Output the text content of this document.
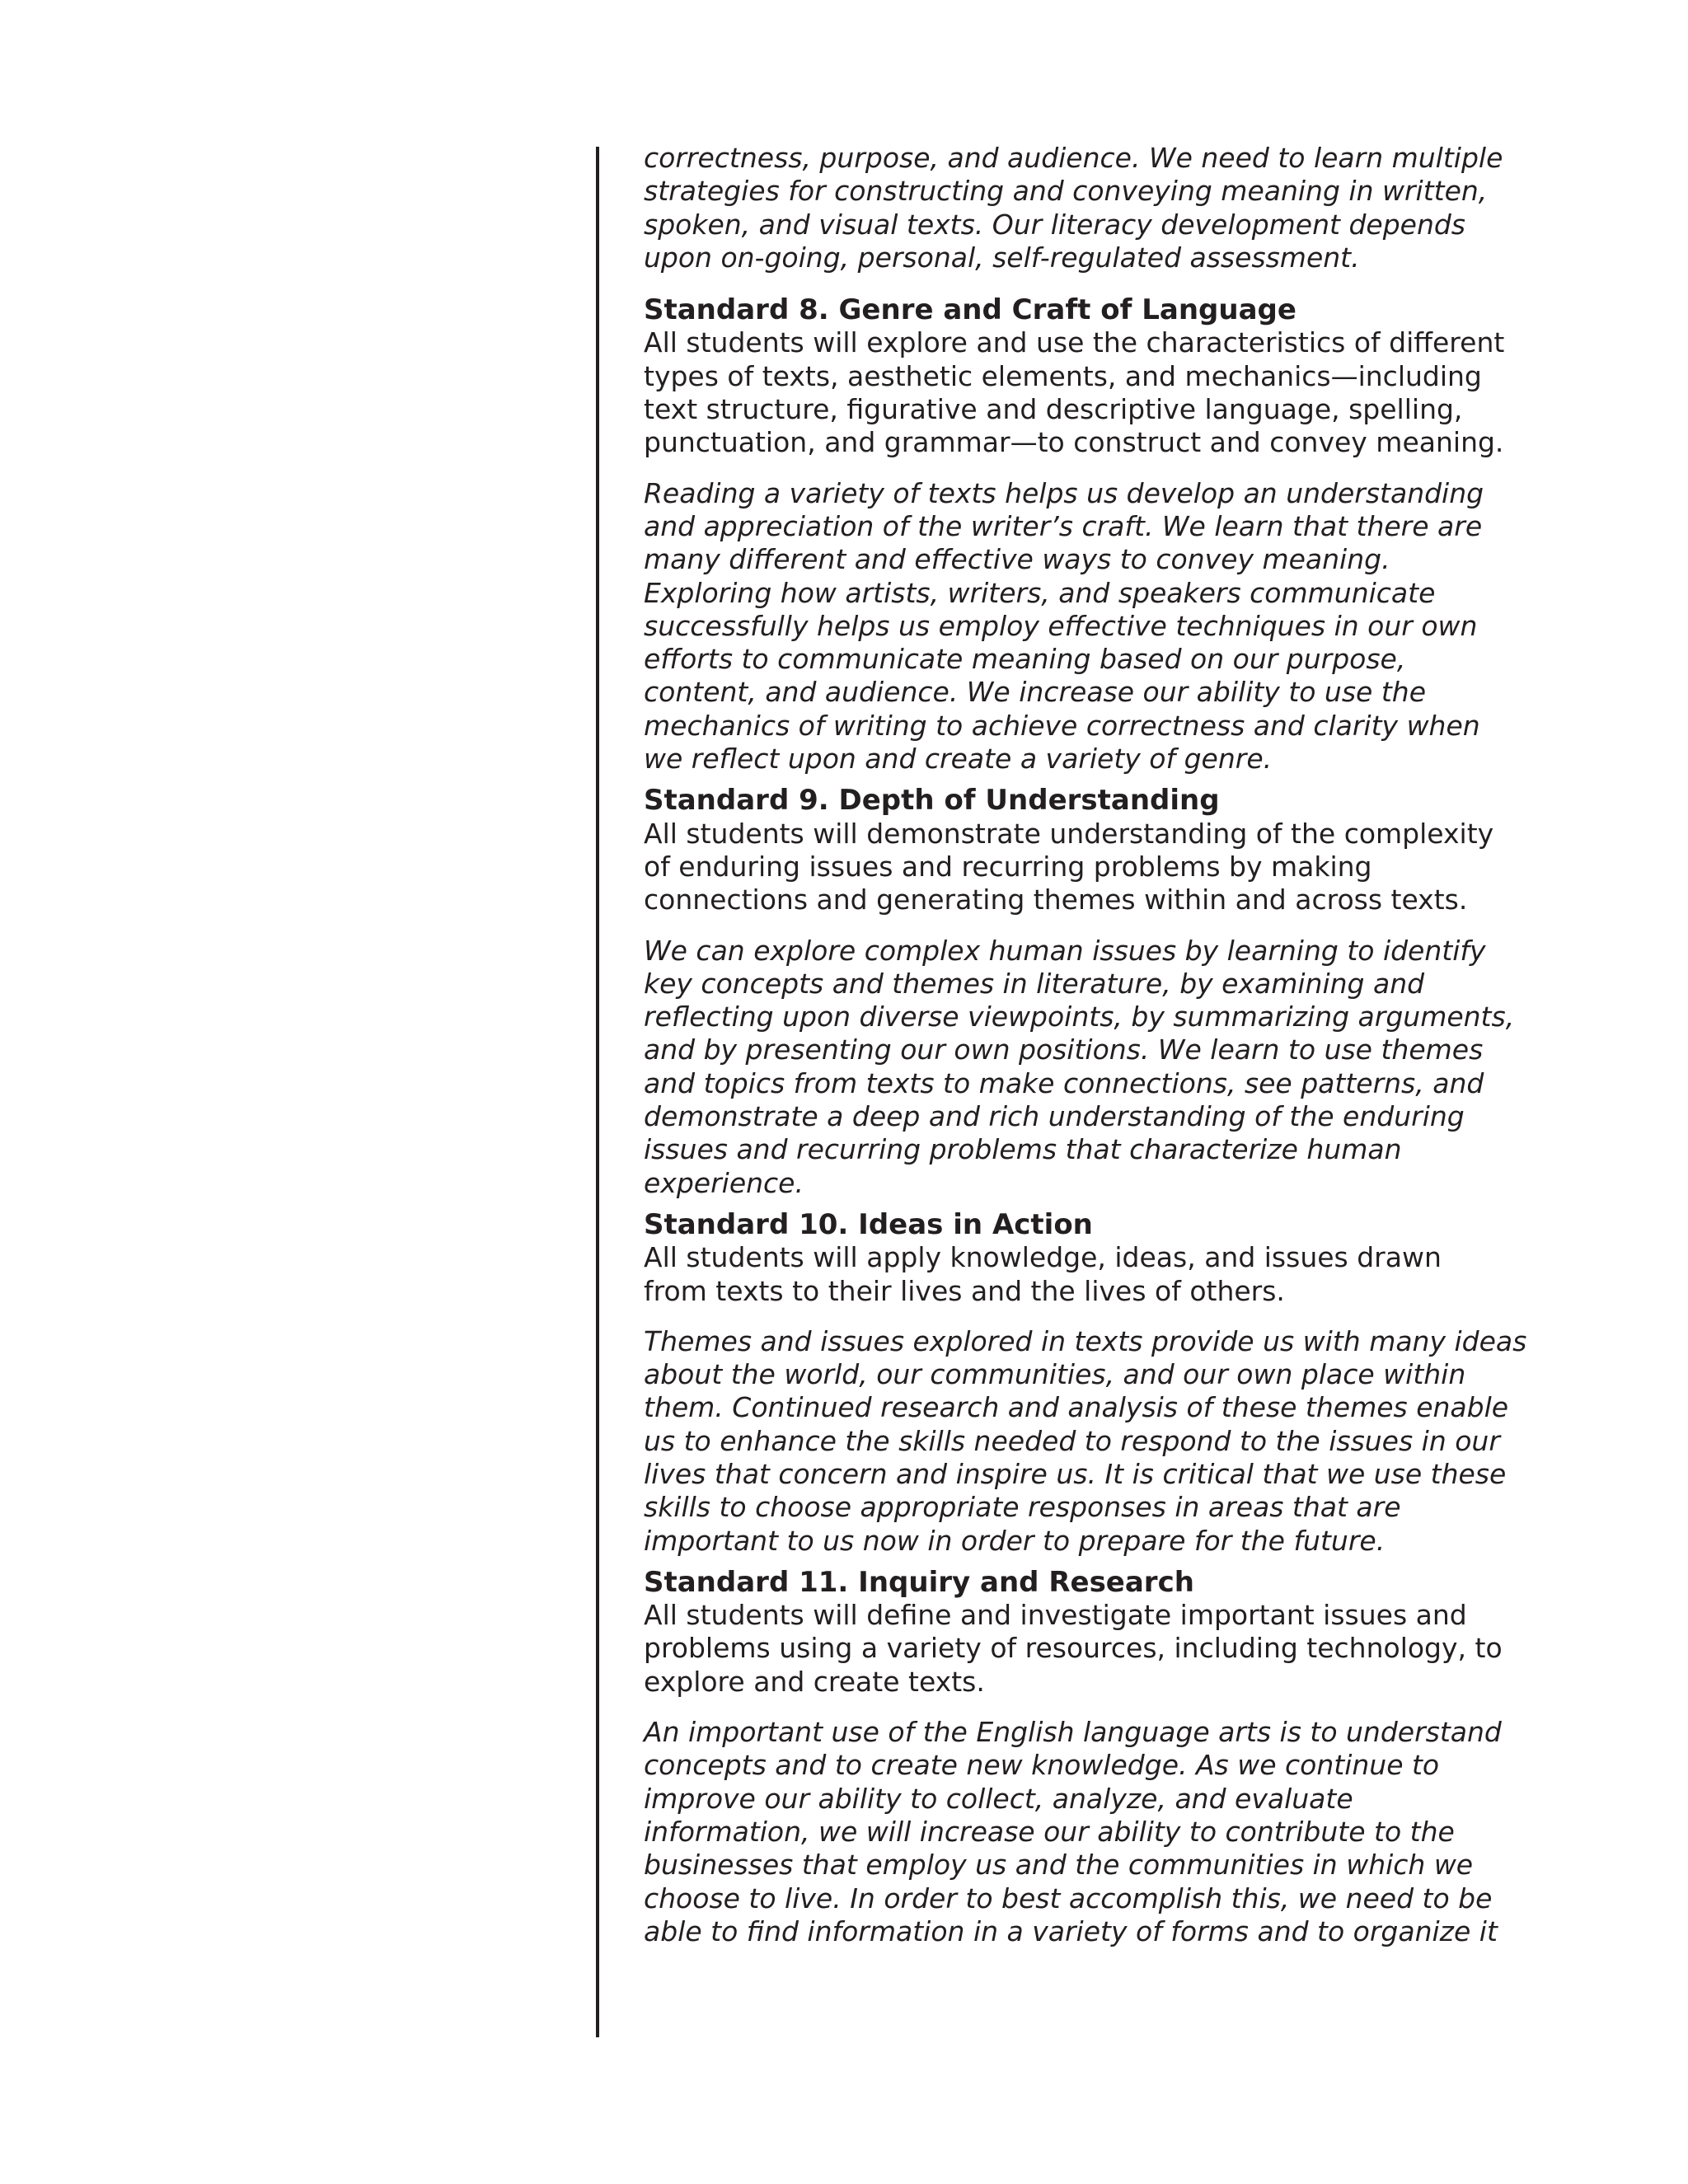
correctness, purpose, and audience. We need to learn multiple
strategies for constructing and conveying meaning in written,
spoken, and visual texts. Our literacy development depends
upon on-going, personal, self-regulated assessment.
Standard 8. Genre and Craft of Language
All students will explore and use the characteristics of different
types of texts, aesthetic elements, and mechanics—including
text structure, figurative and descriptive language, spelling,
punctuation, and grammar—to construct and convey meaning.
Reading a variety of texts helps us develop an understanding
and appreciation of the writer’s craft. We learn that there are
many different and effective ways to convey meaning.
Exploring how artists, writers, and speakers communicate
successfully helps us employ effective techniques in our own
efforts to communicate meaning based on our purpose,
content, and audience. We increase our ability to use the
mechanics of writing to achieve correctness and clarity when
we reflect upon and create a variety of genre.
Standard 9. Depth of Understanding
All students will demonstrate understanding of the complexity
of enduring issues and recurring problems by making
connections and generating themes within and across texts.
We can explore complex human issues by learning to identify
key concepts and themes in literature, by examining and
reflecting upon diverse viewpoints, by summarizing arguments,
and by presenting our own positions. We learn to use themes
and topics from texts to make connections, see patterns, and
demonstrate a deep and rich understanding of the enduring
issues and recurring problems that characterize human
experience.
Standard 10. Ideas in Action
All students will apply knowledge, ideas, and issues drawn
from texts to their lives and the lives of others.
Themes and issues explored in texts provide us with many ideas
about the world, our communities, and our own place within
them. Continued research and analysis of these themes enable
us to enhance the skills needed to respond to the issues in our
lives that concern and inspire us. It is critical that we use these
skills to choose appropriate responses in areas that are
important to us now in order to prepare for the future.
Standard 11. Inquiry and Research
All students will define and investigate important issues and
problems using a variety of resources, including technology, to
explore and create texts.
An important use of the English language arts is to understand
concepts and to create new knowledge. As we continue to
improve our ability to collect, analyze, and evaluate
information, we will increase our ability to contribute to the
businesses that employ us and the communities in which we
choose to live. In order to best accomplish this, we need to be
able to find information in a variety of forms and to organize it
